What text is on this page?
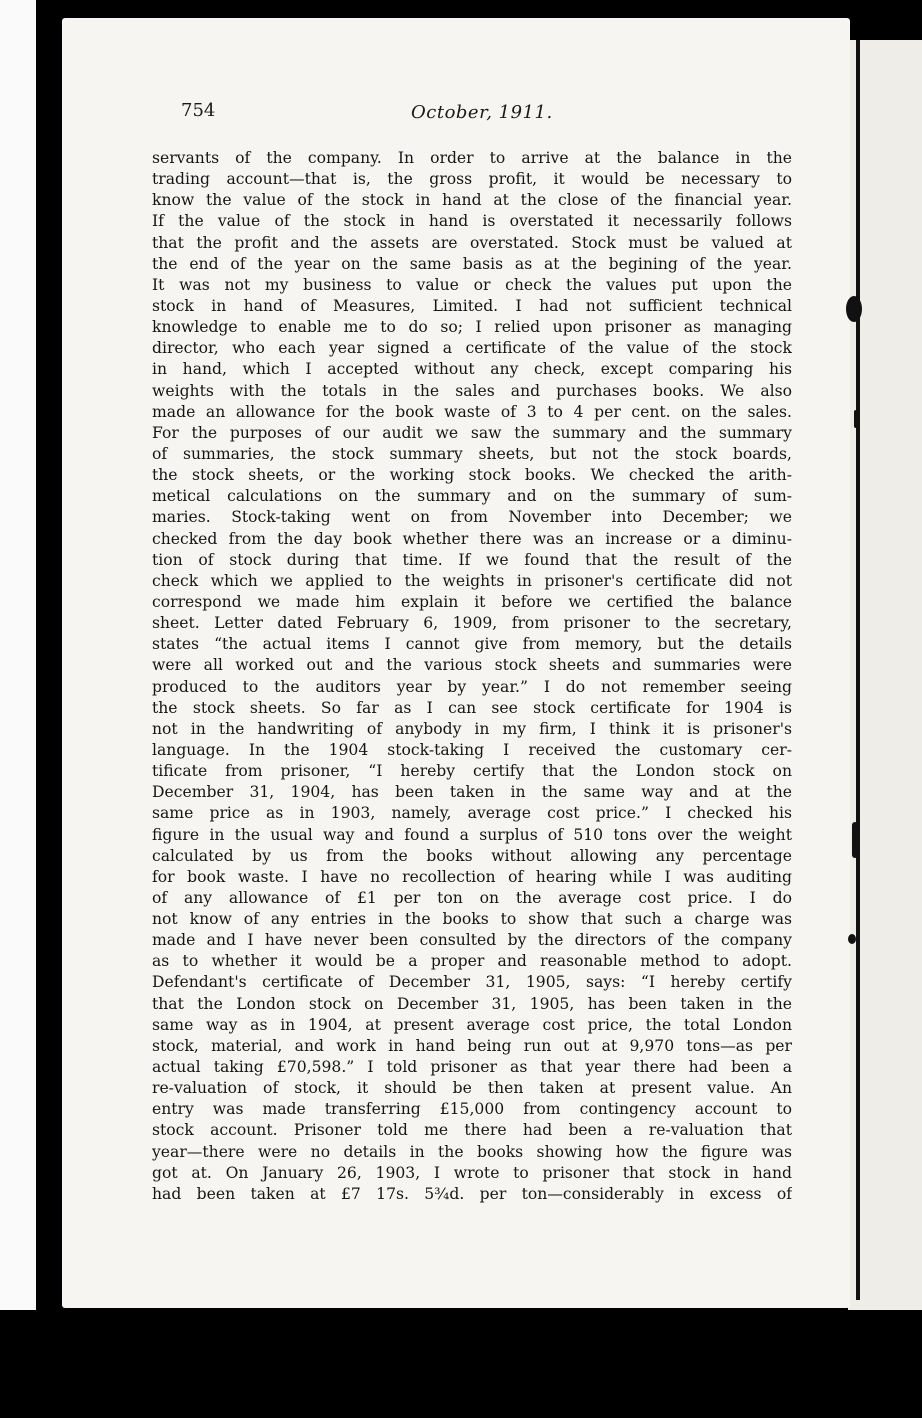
754	October, 1911.
servants of the company. In order to arrive at the balance in the
trading account—that is, the gross profit, it would be necessary to
know the value of the stock in hand at the close of the financial year.
If the value of the stock in hand is overstated it necessarily follows
that the profit and the assets are overstated. Stock must be valued at
the end of the year on the same basis as at the begining of the year.
It was not my business to value or check the values put upon the
stock in hand of Measures, Limited. I had not sufficient technical
knowledge to enable me to do so; I relied upon prisoner as managing
director, who each year signed a certificate of the value of the stock
in hand, which I accepted without any check, except comparing his
weights with the totals in the sales and purchases books. We also
made an allowance for the book waste of 3 to 4 per cent. on the sales.
For the purposes of our audit we saw the summary and the summary
of summaries, the stock summary sheets, but not the stock boards,
the stock sheets, or the working stock books. We checked the arith-
metical calculations on the summary and on the summary of sum-
maries. Stock-taking went on from November into December; we
checked from the day book whether there was an increase or a diminu-
tion of stock during that time. If we found that the result of the
check which we applied to the weights in prisoner's certificate did not
correspond we made him explain it before we certified the balance
sheet. Letter dated February 6, 1909, from prisoner to the secretary,
states “the actual items I cannot give from memory, but the details
were all worked out and the various stock sheets and summaries were
produced to the auditors year by year.” I do not remember seeing
the stock sheets. So far as I can see stock certificate for 1904 is
not in the handwriting of anybody in my firm, I think it is prisoner's
language. In the 1904 stock-taking I received the customary cer-
tificate from prisoner, “I hereby certify that the London stock on
December 31, 1904, has been taken in the same way and at the
same price as in 1903, namely, average cost price.” I checked his
figure in the usual way and found a surplus of 510 tons over the weight
calculated by us from the books without allowing any percentage
for book waste. I have no recollection of hearing while I was auditing
of any allowance of £1 per ton on the average cost price. I do
not know of any entries in the books to show that such a charge was
made and I have never been consulted by the directors of the company
as to whether it would be a proper and reasonable method to adopt.
Defendant's certificate of December 31, 1905, says: “I hereby certify
that the London stock on December 31, 1905, has been taken in the
same way as in 1904, at present average cost price, the total London
stock, material, and work in hand being run out at 9,970 tons—as per
actual taking £70,598.” I told prisoner as that year there had been a
re-valuation of stock, it should be then taken at present value. An
entry was made transferring £15,000 from contingency account to
stock account. Prisoner told me there had been a re-valuation that
year—there were no details in the books showing how the figure was
got at. On January 26, 1903, I wrote to prisoner that stock in hand
had been taken at £7 17s. 5¾d. per ton—considerably in excess of
